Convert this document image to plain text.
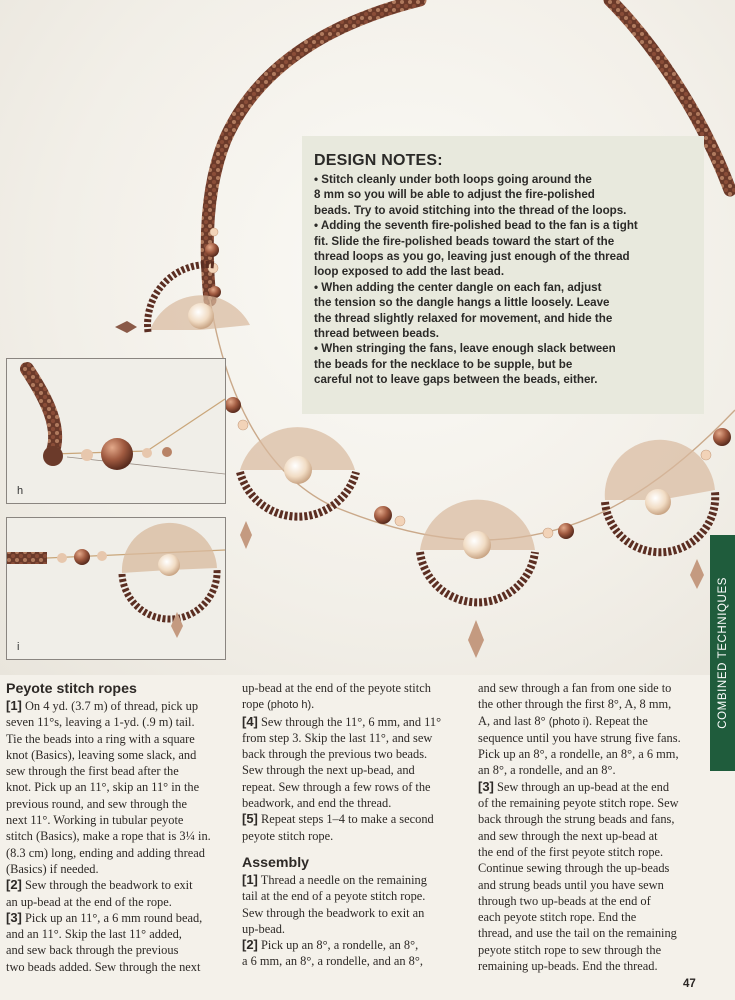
DESIGN NOTES:

• Stitch cleanly under both loops going around the

8 mm so you will be able to adjust the fire-polished

beads. Try to avoid stitching into the thread of the loops.

• Adding the seventh fire-polished bead to the fan is a tight

fit. Slide the fire-polished beads toward the start of the

thread loops as you go, leaving just enough of the thread

loop exposed to add the last bead.

• When adding the center dangle on each fan, adjust

the tension so the dangle hangs a little loosely. Leave

the thread slightly relaxed for movement, and hide the

thread between beads.

• When stringing the fans, leave enough slack between

the beads for the necklace to be supple, but be

careful not to leave gaps between the beads, either.

h
i	COMBINED TECHNIQUES
Peyote stitch ropes

[1] On 4 yd. (3.7 m) of thread, pick up

seven 11°s, leaving a 1-yd. (.9 m) tail.

Tie the beads into a ring with a square

knot (Basics), leaving some slack, and

sew through the first bead after the

knot. Pick up an 11°, skip an 11° in the

previous round, and sew through the

next 11°. Working in tubular peyote

stitch (Basics), make a rope that is 3¼ in.

(8.3 cm) long, ending and adding thread

(Basics) if needed.

[2] Sew through the beadwork to exit

an up-bead at the end of the rope.

[3] Pick up an 11°, a 6 mm round bead,

and an 11°. Skip the last 11° added,

and sew back through the previous

two beads added. Sew through the next

up-bead at the end of the peyote stitch

rope (photo h).

[4] Sew through the 11°, 6 mm, and 11°

from step 3. Skip the last 11°, and sew

back through the previous two beads.

Sew through the next up-bead, and

repeat. Sew through a few rows of the

beadwork, and end the thread.

[5] Repeat steps 1–4 to make a second

peyote stitch rope.

Assembly

[1] Thread a needle on the remaining

tail at the end of a peyote stitch rope.

Sew through the beadwork to exit an

up-bead.

[2] Pick up an 8°, a rondelle, an 8°,

a 6 mm, an 8°, a rondelle, and an 8°,

and sew through a fan from one side to

the other through the first 8°, A, 8 mm,

A, and last 8° (photo i). Repeat the

sequence until you have strung five fans.

Pick up an 8°, a rondelle, an 8°, a 6 mm,

an 8°, a rondelle, and an 8°.

[3] Sew through an up-bead at the end

of the remaining peyote stitch rope. Sew

back through the strung beads and fans,

and sew through the next up-bead at

the end of the first peyote stitch rope.

Continue sewing through the up-beads

and strung beads until you have sewn

through two up-beads at the end of

each peyote stitch rope. End the

thread, and use the tail on the remaining

peyote stitch rope to sew through the

remaining up-beads. End the thread.

47
